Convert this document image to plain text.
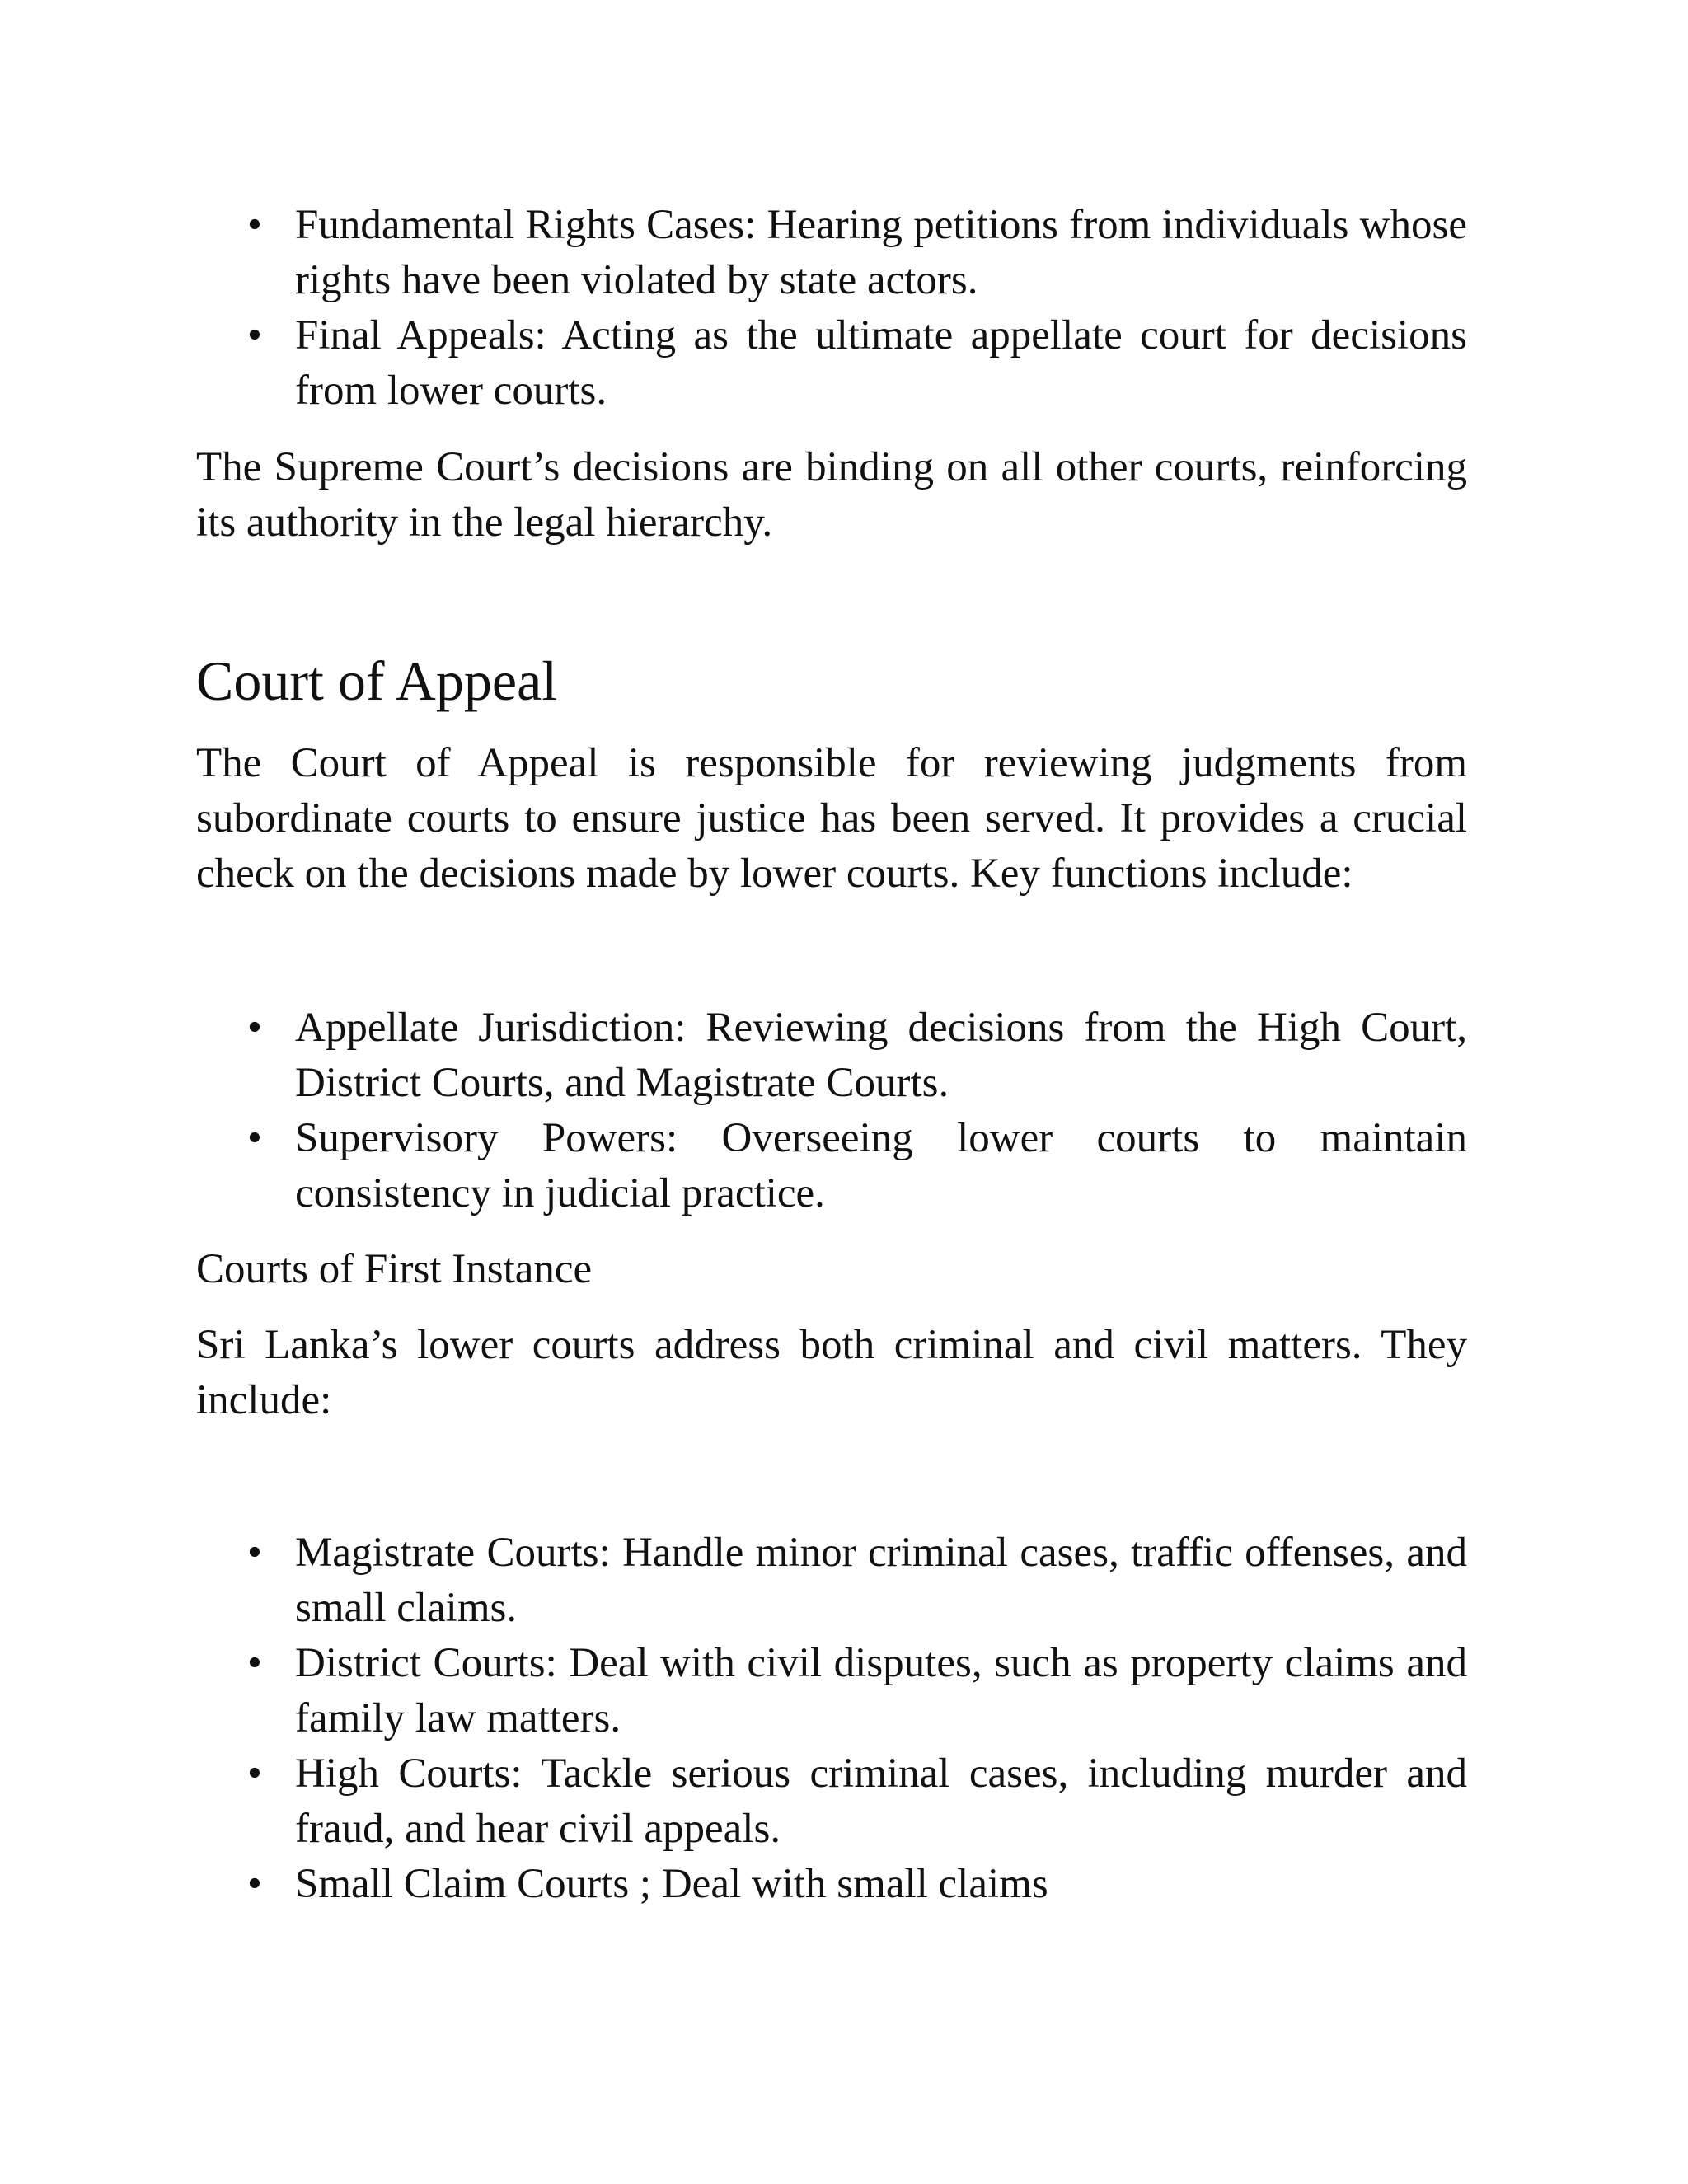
• Fundamental Rights Cases: Hearing petitions from individuals whose rights have been violated by state actors.
• Final Appeals: Acting as the ultimate appellate court for decisions from lower courts.

The Supreme Court’s decisions are binding on all other courts, reinforcing its authority in the legal hierarchy.

Court of Appeal

The Court of Appeal is responsible for reviewing judgments from subordinate courts to ensure justice has been served. It provides a crucial check on the decisions made by lower courts. Key functions include:

• Appellate Jurisdiction: Reviewing decisions from the High Court, District Courts, and Magistrate Courts.
• Supervisory Powers: Overseeing lower courts to maintain consistency in judicial practice.
Courts of First Instance

Sri Lanka’s lower courts address both criminal and civil matters. They include:

• Magistrate Courts: Handle minor criminal cases, traffic offenses, and small claims.
• District Courts: Deal with civil disputes, such as property claims and family law matters.
• High Courts: Tackle serious criminal cases, including murder and fraud, and hear civil appeals.
• Small Claim Courts ; Deal with small claims
